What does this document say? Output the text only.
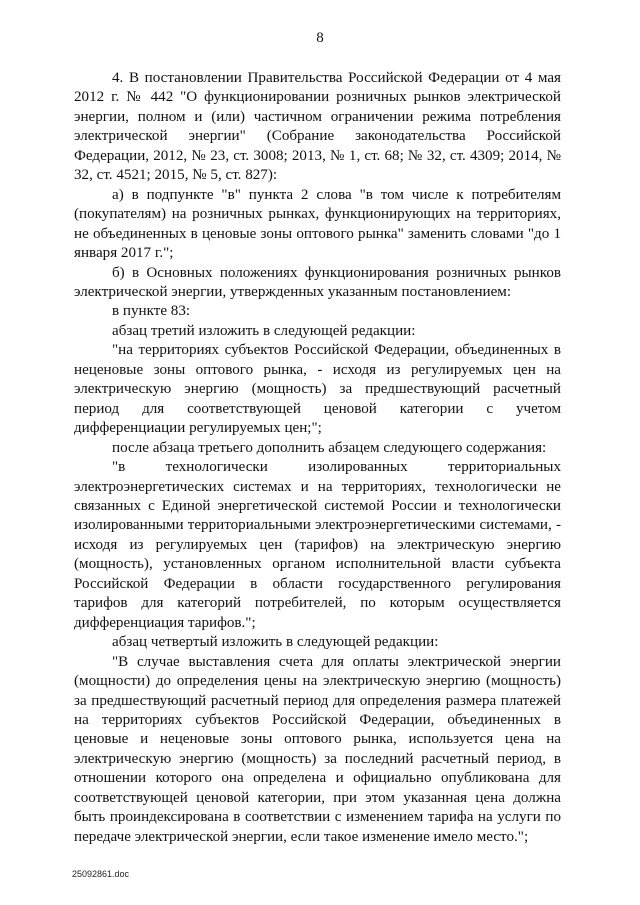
8

4. В постановлении Правительства Российской Федерации от 4 мая 2012 г. № 442 "О функционировании розничных рынков электрической энергии, полном и (или) частичном ограничении режима потребления электрической энергии" (Собрание законодательства Российской Федерации, 2012, № 23, ст. 3008; 2013, № 1, ст. 68; № 32, ст. 4309; 2014, № 32, ст. 4521; 2015, № 5, ст. 827):

а) в подпункте "в" пункта 2 слова "в том числе к потребителям (покупателям) на розничных рынках, функционирующих на территориях, не объединенных в ценовые зоны оптового рынка" заменить словами "до 1 января 2017 г.";

б) в Основных положениях функционирования розничных рынков электрической энергии, утвержденных указанным постановлением:

в пункте 83:

абзац третий изложить в следующей редакции:

"на территориях субъектов Российской Федерации, объединенных в неценовые зоны оптового рынка, - исходя из регулируемых цен на электрическую энергию (мощность) за предшествующий расчетный период для соответствующей ценовой категории с учетом дифференциации регулируемых цен;";

после абзаца третьего дополнить абзацем следующего содержания:

"в технологически изолированных территориальных электроэнергетических системах и на территориях, технологически не связанных с Единой энергетической системой России и технологически изолированными территориальными электроэнергетическими системами, - исходя из регулируемых цен (тарифов) на электрическую энергию (мощность), установленных органом исполнительной власти субъекта Российской Федерации в области государственного регулирования тарифов для категорий потребителей, по которым осуществляется дифференциация тарифов.";

абзац четвертый изложить в следующей редакции:

"В случае выставления счета для оплаты электрической энергии (мощности) до определения цены на электрическую энергию (мощность) за предшествующий расчетный период для определения размера платежей на территориях субъектов Российской Федерации, объединенных в ценовые и неценовые зоны оптового рынка, используется цена на электрическую энергию (мощность) за последний расчетный период, в отношении которого она определена и официально опубликована для соответствующей ценовой категории, при этом указанная цена должна быть проиндексирована в соответствии с изменением тарифа на услуги по передаче электрической энергии, если такое изменение имело место.";

25092861.doc
